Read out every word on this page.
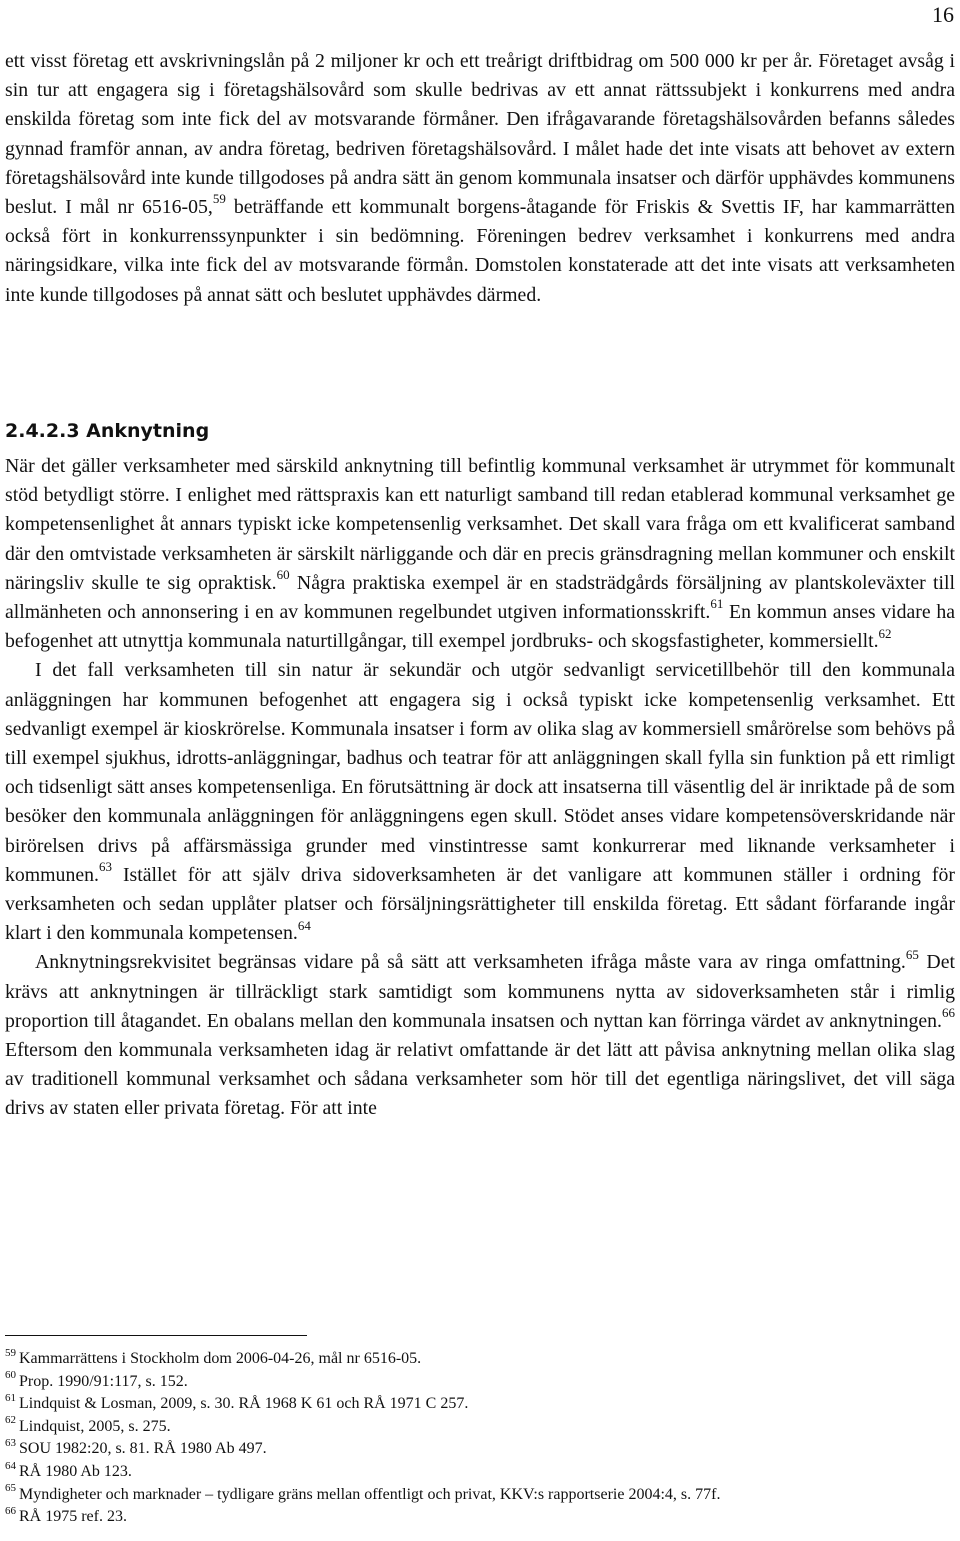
16

ett visst företag ett avskrivningslån på 2 miljoner kr och ett treårigt driftbidrag om 500 000 kr per år. Företaget avsåg i sin tur att engagera sig i företagshälsovård som skulle bedrivas av ett annat rättssubjekt i konkurrens med andra enskilda företag som inte fick del av motsvarande förmåner. Den ifrågavarande företagshälsovården befanns således gynnad framför annan, av andra företag, bedriven företagshälsovård. I målet hade det inte visats att behovet av extern företagshälsovård inte kunde tillgodoses på andra sätt än genom kommunala insatser och därför upphävdes kommunens beslut. I mål nr 6516-05,59 beträffande ett kommunalt borgens-åtagande för Friskis & Svettis IF, har kammarrätten också fört in konkurrenssynpunkter i sin bedömning. Föreningen bedrev verksamhet i konkurrens med andra näringsidkare, vilka inte fick del av motsvarande förmån. Domstolen konstaterade att det inte visats att verksamheten inte kunde tillgodoses på annat sätt och beslutet upphävdes därmed.

2.4.2.3 Anknytning

När det gäller verksamheter med särskild anknytning till befintlig kommunal verksamhet är utrymmet för kommunalt stöd betydligt större. I enlighet med rättspraxis kan ett naturligt samband till redan etablerad kommunal verksamhet ge kompetensenlighet åt annars typiskt icke kompetensenlig verksamhet. Det skall vara fråga om ett kvalificerat samband där den omtvistade verksamheten är särskilt närliggande och där en precis gränsdragning mellan kommuner och enskilt näringsliv skulle te sig opraktisk.$^{60}$ Några praktiska exempel är en stadsträdgårds försäljning av plantskoleväxter till allmänheten och annonsering i en av kommunen regelbundet utgiven informationsskrift.$^{61}$ En kommun anses vidare ha befogenhet att utnyttja kommunala naturtillgångar, till exempel jordbruks- och skogsfastigheter, kommersiellt.$^{62}$

I det fall verksamheten till sin natur är sekundär och utgör sedvanligt servicetillbehör till den kommunala anläggningen har kommunen befogenhet att engagera sig i också typiskt icke kompetensenlig verksamhet. Ett sedvanligt exempel är kioskrörelse. Kommunala insatser i form av olika slag av kommersiell smårörelse som behövs på till exempel sjukhus, idrotts-anläggningar, badhus och teatrar för att anläggningen skall fylla sin funktion på ett rimligt och tidsenligt sätt anses kompetensenliga. En förutsättning är dock att insatserna till väsentlig del är inriktade på de som besöker den kommunala anläggningen för anläggningens egen skull. Stödet anses vidare kompetensöverskridande när birörelsen drivs på affärsmässiga grunder med vinstintresse samt konkurrerar med liknande verksamheter i kommunen.$^{63}$ Istället för att själv driva sidoverksamheten är det vanligare att kommunen ställer i ordning för verksamheten och sedan upplåter platser och försäljningsrättigheter till enskilda företag. Ett sådant förfarande ingår klart i den kommunala kompetensen.$^{64}$

Anknytningsrekvisitet begränsas vidare på så sätt att verksamheten ifråga måste vara av ringa omfattning.$^{65}$ Det krävs att anknytningen är tillräckligt stark samtidigt som kommunens nytta av sidoverksamheten står i rimlig proportion till åtagandet. En obalans mellan den kommunala insatsen och nyttan kan förringa värdet av anknytningen.$^{66}$ Eftersom den kommunala verksamheten idag är relativt omfattande är det lätt att påvisa anknytning mellan olika slag av traditionell kommunal verksamhet och sådana verksamheter som hör till det egentliga näringslivet, det vill säga drivs av staten eller privata företag. För att inte

$^{59}$ Kammarrättens i Stockholm dom 2006-04-26, mål nr 6516-05.
$^{60}$ Prop. 1990/91:117, s. 152.
$^{61}$ Lindquist & Losman, 2009, s. 30. RÅ 1968 K 61 och RÅ 1971 C 257.
$^{62}$ Lindquist, 2005, s. 275.
$^{63}$ SOU 1982:20, s. 81. RÅ 1980 Ab 497.
$^{64}$ RÅ 1980 Ab 123.
$^{65}$ Myndigheter och marknader – tydligare gräns mellan offentligt och privat, KKV:s rapportserie 2004:4, s. 77f.
$^{66}$ RÅ 1975 ref. 23.
